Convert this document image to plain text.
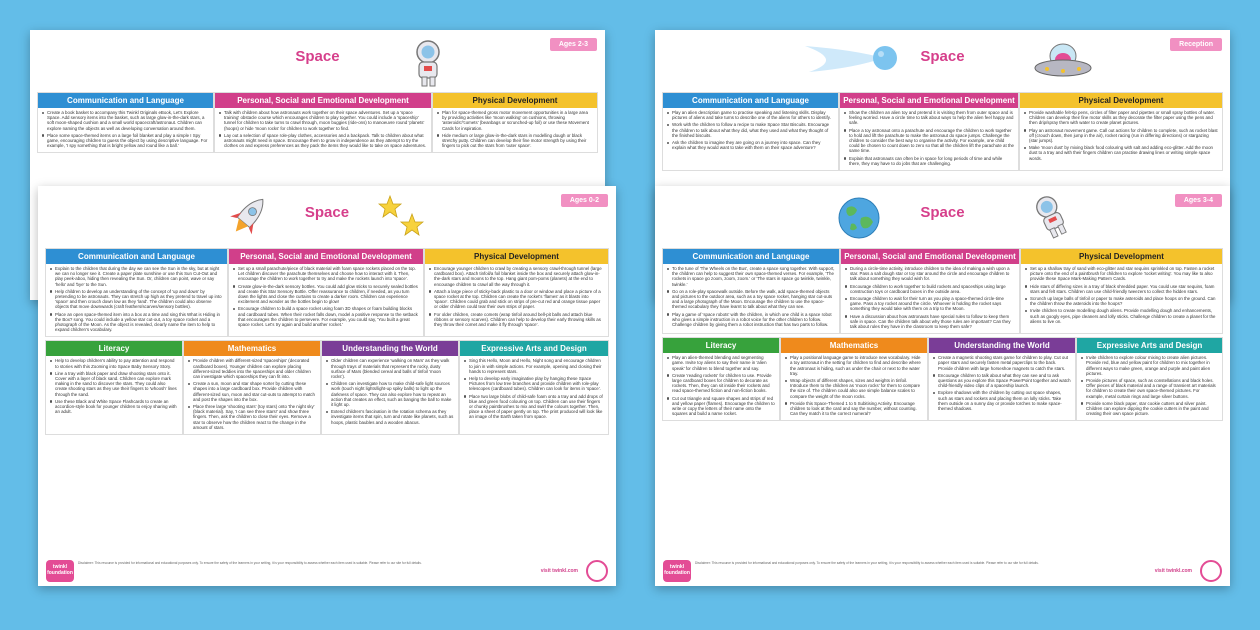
Space
Ages 2-3
Communication and Language
Create a book basket to accompany this Twinkl Originals eBook, Let's Explore Space. Add sensory items into the basket, such as large glow-in-the-dark stars, a soft moon-shaped cushion and a small world spacecraft/astronaut. Children can explore naming the objects as well as developing conversation around them.
Place some space-themed items on a large foil blanket and play a simple I Spy game, encouraging children to guess the object by using descriptive language. For example, 'I spy something that is bright yellow and round like a ball.'
Personal, Social and Emotional Development
Talk with children about how astronauts work together on their space adventures. Set up a 'space training' obstacle course which encourages children to play together. You could include a 'spaceship' tunnel for children to take turns to crawl through, moon buggies (ride-ons) to manoeuvre round 'planets' (hoops) or hide 'moon rocks' for children to work together to find.
Lay out a selection of space role-play clothes, accessories and a backpack. Talk to children about what astronauts might need in space. Encourage them to grow in independence as they attempt to try the clothes on and express preferences as they pack the items they would like to take on space adventures.
Physical Development
Plan for space-themed gross motor movement opportunities in a large area by providing activities like 'moon walking' on cushions, throwing 'asteroids'/'comets' (beanbags or scrunched-up foil) or use these Movement Cards for inspiration.
Hide medium or large glow-in-the-dark stars in modelling dough or black stretchy putty. Children can develop their fine motor strength by using their fingers to pick out the stars from 'outer space'.
Space
Reception
Communication and Language
Play an alien description game to practise speaking and listening skills. Display pictures of aliens and take turns to describe one of the aliens for others to identify.
Work with the children to follow a recipe to make Space Star Biscuits. Encourage the children to talk about what they did, what they used and what they thought of the finished biscuits.
Ask the children to imagine they are going on a journey into space. Can they explain what they would want to take with them on their space adventure?
Personal, Social and Emotional Development
Show the children an alien toy and pretend it is visiting them from outer space and is feeling worried. Have a circle time to talk about ways to help the alien feel happy and safe.
Place a toy astronaut onto a parachute and encourage the children to work together to hold and lift the parachute to make the astronaut do space jumps. Challenge the children to consider the best way to organise the activity. For example, one child could be chosen to count down to zero so that all the children lift the parachute at the same time.
Explain that astronauts can often be in space for long periods of time and while there, they may have to do jobs that are challenging.
Physical Development
Provide washable felt-tip pens, circles of filter paper and pipettes or small spray bottles of water. Children can develop their fine motor skills as they decorate the filter paper using the pens and then drip/spray them with water to create planet pictures.
Play an astronaut movement game. Call out actions for children to complete, such as rocket blast off (crouch down, then jump in the air), rocket racing (run in differing directions) or stargazing (star jumps).
Make 'moon dust' by mixing black food colouring with salt and adding eco-glitter. Add the moon dust to a tray and with their fingers children can practise drawing lines or writing simple space words.
Space
Ages 0-2
Communication and Language
Explain to the children that during the day we can see the Sun in the sky, but at night we can no longer see it. Create a paper plate sunshine or use this Sun Cut-Out and play peek-aboo, hiding then revealing the Sun. Or, children can point, wave or say 'hello' and 'bye' to the Sun.
Help children to develop an understanding of the concept of 'up and down' by pretending to be astronauts. They can stretch up high as they pretend to travel up into 'space' and then crouch down low as they 'land'. The children could also observe objects that move downwards (craft feathers/scarves/sensory bottles).
Place an open space-themed item into a box at a time and sing this What is Hiding in the Box? song. You could include a yellow star cut-out, a toy space rocket and a photograph of the Moon. As the object is revealed, clearly name the item to help to expand children's vocabulary.
Personal, Social and Emotional Development
Set up a small parachute/piece of black material with foam space rockets placed on the top. Let children discover the parachute themselves and choose how to interact with it. Then, encourage the children to work together to try and make the rockets launch into 'space'.
Create glow-in-the-dark sensory bottles. You could add glow sticks to securely sealed bottles and create this Star Sensory Bottle. Offer reassurance to children, if needed, as you turn down the lights and close the curtains to create a darker room. Children can experience excitement and wonder as the bottles begin to glow!
Encourage children to build a space rocket using foam 3D shapes or foam building blocks and cardboard tubes. When their rocket falls down, model a positive response to the setback that encourages the children to persevere. For example, you could say, 'You built a great space rocket. Let's try again and build another rocket.'
Physical Development
Encourage younger children to crawl by creating a sensory crawl-through tunnel (large cardboard box). Attach tinfoil/a foil blanket inside the box and securely attach glow-in-the-dark stars and moons to the top. Hang giant pom-poms (planets) at the end to encourage children to crawl all the way through it.
Attach a large piece of sticky-back plastic to a door or window and place a picture of a space rocket at the top. Children can create the rocket's 'flames' as it blasts into 'space'. Children could grab and stick on strips of pre-cut red and orange tissue paper or older children could tear their own strips of paper.
For older children, create comets (wrap tinfoil around bell-pit balls and attach blue ribbons or sensory scarves). Children can help to develop their early throwing skills as they throw their comet and make it fly through 'space'.
Literacy
Help to develop children's ability to pay attention and respond to stories with this Zooming into Space Baby Sensory Story.
Line a tray with black paper and draw shooting stars onto it. Cover with a layer of black sand. Children can explore mark making in the sand to discover the stars. They could also create shooting stars as they use their fingers to 'whoosh' lines through the sand.
Use these Black and White Space Flashcards to create an accordion-style book for younger children to enjoy sharing with an adult.
Mathematics
Provide children with different-sized 'spaceships' (decorated cardboard boxes). Younger children can explore placing different-sized teddies into the spaceships and older children can investigate which spaceships they can fit into.
Create a sun, moon and star shape sorter by cutting these shapes into a large cardboard box. Provide children with different-sized sun, moon and star cut-outs to attempt to match and post the shapes into the box.
Place three large 'shooting stars' (toy stars) onto 'the night sky' (black material). Say, 'I can see three stars!' and show three fingers. Then, ask the children to close their eyes. Remove a star to observe how the children react to the change in the amount of stars.
Understanding the World
Older children can experience 'walking on Mars' as they walk through trays of materials that represent the rocky, dusty surface of Mars (blended cereal and balls of tinfoil 'moon rocks').
Children can investigate how to make child-safe light sources work (touch night lights/light-up spiky balls) to light up the darkness of space. They can also explore how to repeat an action that creates an effect, such as banging the ball to make it light up.
Extend children's fascination in the rotation schema as they investigate items that spin, turn and rotate like planets, such as hoops, plastic baubles and a wooden abacus.
Expressive Arts and Design
Sing this Hello, Moon and Hello, Night song and encourage children to join in with simple actions. For example, opening and closing their hands to represent stars.
Help to develop early imaginative play by hanging these Space Pictures from low tree branches and provide children with role-play telescopes (cardboard tubes). Children can look for items in 'space'.
Place two large blobs of child-safe foam onto a tray and add drops of blue and green food colouring on top. Children can use their fingers or chunky paintbrushes to mix and swirl the colours together. Then, place a sheet of paper gently on top. The print produced will look like an image of the Earth taken from space.
twinkl foundation
Disclaimer: This resource is provided for informational and educational purposes only. To ensure the safety of the learners in your setting, it is your responsibility to assess whether each item used is suitable. Please refer to our site for full details.
visit twinkl.com
Space
Ages 3-4
Communication and Language
To the tune of 'The Wheels on the Bus', create a space song together. With support, the children can help to suggest their own space-themed verses. For example, 'The rockets in space go zoom, zoom, zoom.' or 'The stars in space go twinkle, twinkle, twinkle.'
Go on a role-play spacewalk outside. Before the walk, add space-themed objects and pictures to the outdoor area, such as a toy space rocket, hanging star cut-outs and a large photograph of the Moon. Encourage the children to use the space-themed vocabulary they have learnt to talk about what they can see.
Play a game of 'space robots' with the children, in which one child is a space robot who gives a simple instruction in a robot voice for the other children to follow. Challenge children by giving them a robot instruction that has two parts to follow.
Personal, Social and Emotional Development
During a circle-time activity, introduce children to the idea of making a wish upon a star. Pass a salt dough star or toy star around the circle and encourage children to talk about something they would wish for.
Encourage children to work together to build rockets and spaceships using large construction toys or cardboard boxes in the outside area.
Encourage children to wait for their turn as you play a space-themed circle-time game. Pass a toy rocket around the circle. Whoever is holding the rocket says something they would take with them on a trip to the Moon.
Have a discussion about how astronauts have special rules to follow to keep them safe in space. Can the children talk about why those rules are important? Can they talk about rules they have in the classroom to keep them safe?
Physical Development
Set up a shallow tray of sand with eco-glitter and star sequins sprinkled on top. Fasten a rocket picture onto the end of a paintbrush for children to explore 'rocket writing'. You may like to also provide these Space Mark-Making Pattern Cards.
Hide stars of differing sizes in a tray of black shredded paper. You could use star sequins, foam stars and felt stars. Children can use child-friendly tweezers to collect the hidden stars.
Scrunch up large balls of tinfoil or paper to make asteroids and place hoops on the ground. Can the children throw the asteroids into the hoops?
Invite children to create modelling dough aliens. Provide modelling dough and enhancements, such as googly eyes, pipe cleaners and lolly sticks. Challenge children to create a planet for the aliens to live on.
Literacy
Play an alien-themed blending and segmenting game. Invite toy aliens to say their name in 'alien speak' for children to blend together and say.
Create 'reading rockets' for children to use. Provide large cardboard boxes for children to decorate as rockets. Then, they can sit inside their rockets and read space-themed fiction and non-fiction books.
Cut out triangle and square shapes and strips of red and yellow paper (flames). Encourage the children to write or copy the letters of their name onto the squares and build a name rocket.
Mathematics
Play a positional language game to introduce new vocabulary. Hide a toy astronaut in the setting for children to find and describe where the astronaut is hiding, such as under the chair or next to the water tray.
Wrap objects of different shapes, sizes and weights in tinfoil. Introduce them to the children as 'moon rocks' for them to compare the size of. The children could also use simple balance scales to compare the weight of the moon rocks.
Provide this Space-Themed 1 to 5 Subitising Activity. Encourage children to look at the card and say the number, without counting. Can they match it to the correct numeral?
Understanding the World
Create a magnetic shooting stars game for children to play. Cut out paper stars and securely fasten metal paperclips to the back. Provide children with large horseshoe magnets to catch the stars.
Encourage children to talk about what they can see and to ask questions as you explore this Space PowerPoint together and watch child-friendly video clips of a spaceship launch.
Explore shadows with the children by cutting out space shapes, such as stars and rockets and placing them on lolly sticks. Take them outside on a sunny day or provide torches to make space-themed shadows.
Expressive Arts and Design
Invite children to explore colour mixing to create alien pictures. Provide red, blue and yellow paint for children to mix together in different ways to make green, orange and purple and paint alien pictures.
Provide pictures of space, such as constellations and black holes. Offer pieces of black material and a range of transient art materials for children to create their own space-themed pictures. For example, metal curtain rings and large silver buttons.
Provide some black paper, star cookie cutters and silver paint. Children can explore dipping the cookie cutters in the paint and creating their own space picture.
twinkl foundation
Disclaimer: This resource is provided for informational and educational purposes only. To ensure the safety of the learners in your setting, it is your responsibility to assess whether each item used is suitable. Please refer to our site for full details.
visit twinkl.com
